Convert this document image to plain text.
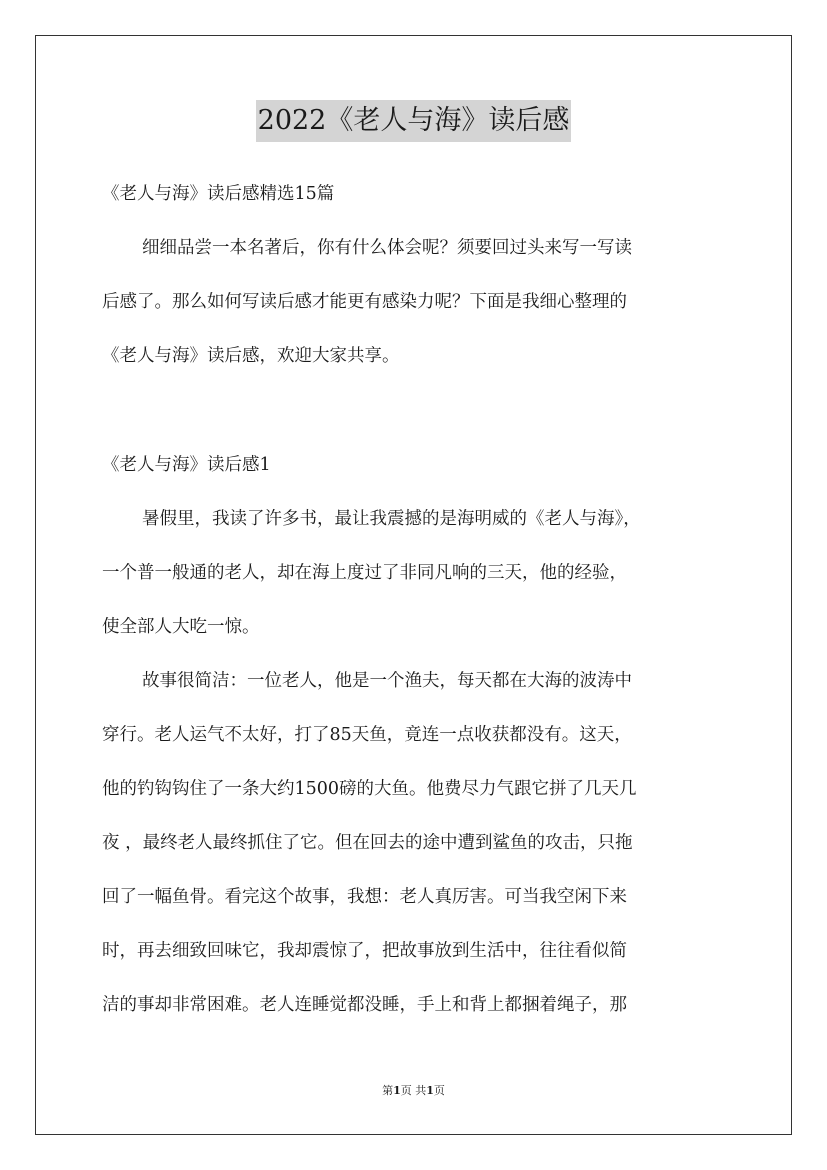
2022《老人与海》读后感
《老人与海》读后感精选15篇
细细品尝一本名著后，你有什么体会呢？须要回过头来写一写读
后感了。那么如何写读后感才能更有感染力呢？下面是我细心整理的
《老人与海》读后感，欢迎大家共享。
《老人与海》读后感1
暑假里，我读了许多书，最让我震撼的是海明威的《老人与海》，
一个普一般通的老人，却在海上度过了非同凡响的三天，他的经验，
使全部人大吃一惊。
故事很简洁：一位老人，他是一个渔夫，每天都在大海的波涛中
穿行。老人运气不太好，打了85天鱼，竟连一点收获都没有。这天，
他的钓钩钩住了一条大约1500磅的大鱼。他费尽力气跟它拼了几天几
夜 ，最终老人最终抓住了它。但在回去的途中遭到鲨鱼的攻击，只拖
回了一幅鱼骨。看完这个故事，我想：老人真厉害。可当我空闲下来
时，再去细致回味它，我却震惊了，把故事放到生活中，往往看似简
洁的事却非常困难。老人连睡觉都没睡，手上和背上都捆着绳子，那
第1页 共1页
